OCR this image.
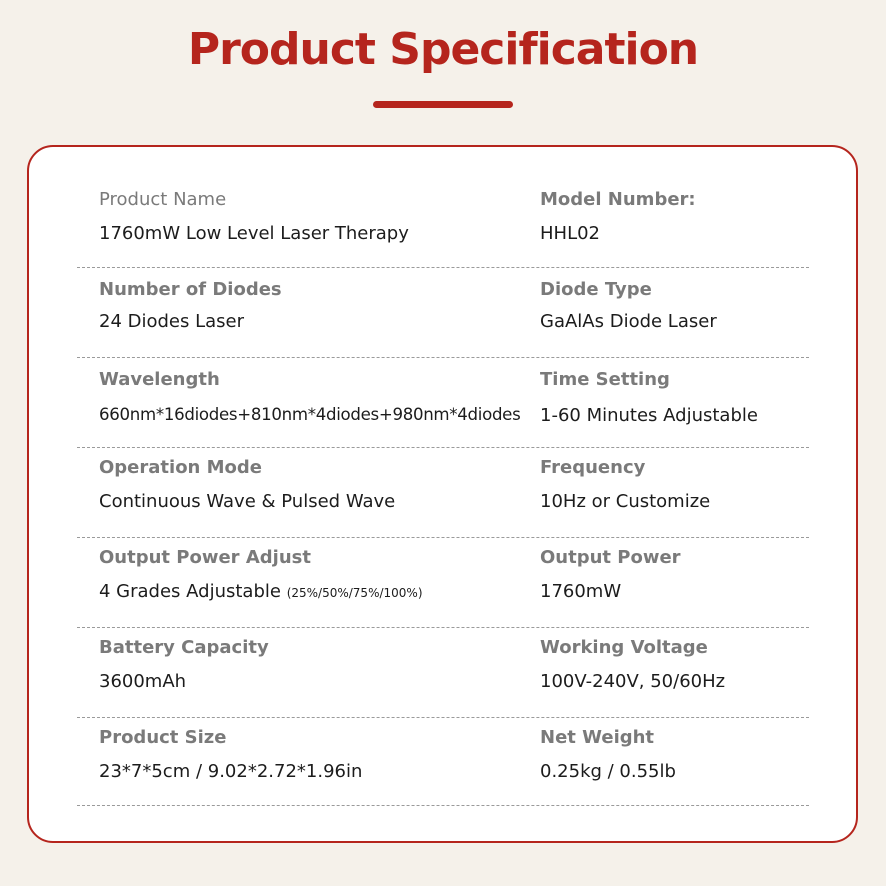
Product Specification
Product Name
1760mW Low Level Laser Therapy
Model Number:
HHL02
Number of Diodes
24 Diodes Laser
Diode Type
GaAlAs Diode Laser
Wavelength
660nm*16diodes+810nm*4diodes+980nm*4diodes
Time Setting
1-60 Minutes Adjustable
Operation Mode
Continuous Wave & Pulsed Wave
Frequency
10Hz or Customize
Output Power Adjust
4 Grades Adjustable (25%/50%/75%/100%)
Output Power
1760mW
Battery Capacity
3600mAh
Working Voltage
100V-240V, 50/60Hz
Product Size
23*7*5cm / 9.02*2.72*1.96in
Net Weight
0.25kg / 0.55lb
